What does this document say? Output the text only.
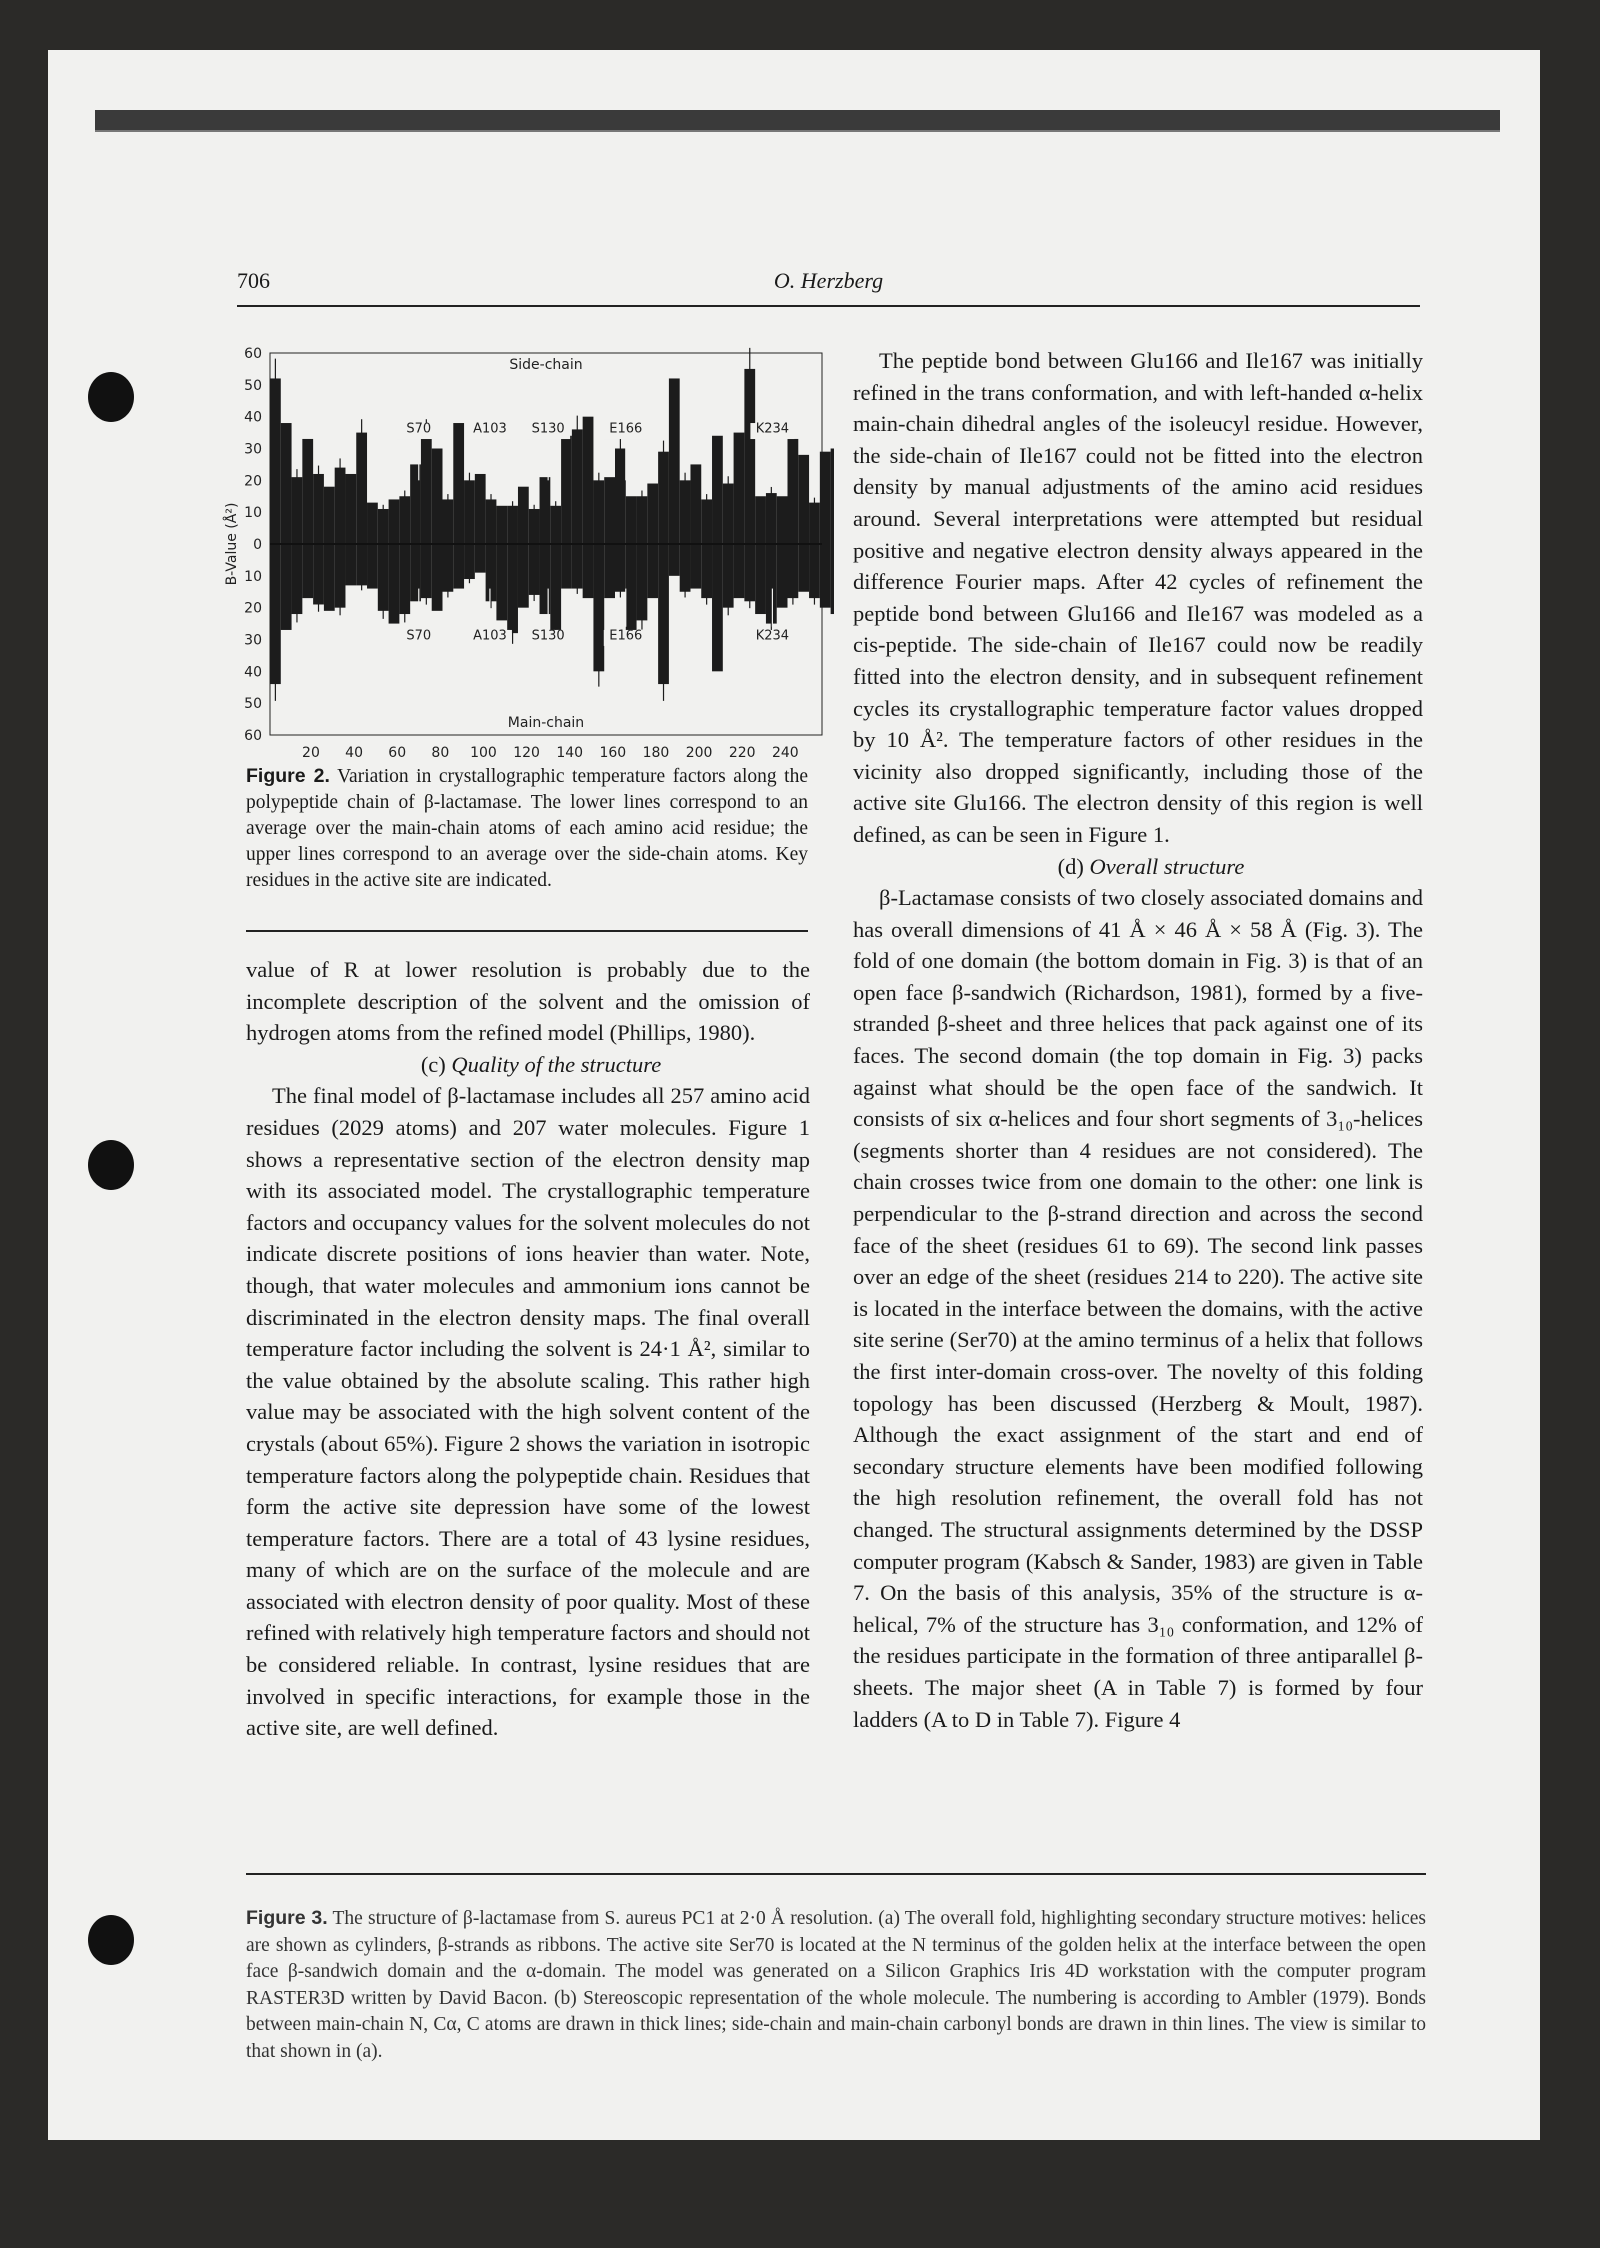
706	O. Herzberg
60
50
40
30
20
10
0
10
20
30
40
50
60
20 40 60 80 100 120 140 160 180 200 220 240
B-Value (Å²)
Side-chain
Main-chain
S70
S70
A103
A103
S130
S130
E166
E166
K234
K234
Figure 2. Variation in crystallographic temperature factors along the polypeptide chain of β-lactamase. The lower lines correspond to an average over the main-chain atoms of each amino acid residue; the upper lines correspond to an average over the side-chain atoms. Key residues in the active site are indicated.

value of R at lower resolution is probably due to the incomplete description of the solvent and the omission of hydrogen atoms from the refined model (Phillips, 1980).

(c) Quality of the structure

The final model of β-lactamase includes all 257 amino acid residues (2029 atoms) and 207 water molecules. Figure 1 shows a representative section of the electron density map with its associated model. The crystallographic temperature factors and occupancy values for the solvent molecules do not indicate discrete positions of ions heavier than water. Note, though, that water molecules and ammonium ions cannot be discriminated in the electron density maps. The final overall temperature factor including the solvent is 24·1 Å², similar to the value obtained by the absolute scaling. This rather high value may be associated with the high solvent content of the crystals (about 65%). Figure 2 shows the variation in isotropic temperature factors along the polypeptide chain. Residues that form the active site depression have some of the lowest temperature factors. There are a total of 43 lysine residues, many of which are on the surface of the molecule and are associated with electron density of poor quality. Most of these refined with relatively high temperature factors and should not be considered reliable. In contrast, lysine residues that are involved in specific interactions, for example those in the active site, are well defined.

The peptide bond between Glu166 and Ile167 was initially refined in the trans conformation, and with left-handed α-helix main-chain dihedral angles of the isoleucyl residue. However, the side-chain of Ile167 could not be fitted into the electron density by manual adjustments of the amino acid residues around. Several interpretations were attempted but residual positive and negative electron density always appeared in the difference Fourier maps. After 42 cycles of refinement the peptide bond between Glu166 and Ile167 was modeled as a cis-peptide. The side-chain of Ile167 could now be readily fitted into the electron density, and in subsequent refinement cycles its crystallographic temperature factor values dropped by 10 Å². The temperature factors of other residues in the vicinity also dropped significantly, including those of the active site Glu166. The electron density of this region is well defined, as can be seen in Figure 1.

(d) Overall structure

β-Lactamase consists of two closely associated domains and has overall dimensions of 41 Å × 46 Å × 58 Å (Fig. 3). The fold of one domain (the bottom domain in Fig. 3) is that of an open face β-sandwich (Richardson, 1981), formed by a five-stranded β-sheet and three helices that pack against one of its faces. The second domain (the top domain in Fig. 3) packs against what should be the open face of the sandwich. It consists of six α-helices and four short segments of 3₁₀-helices (segments shorter than 4 residues are not considered). The chain crosses twice from one domain to the other: one link is perpendicular to the β-strand direction and across the second face of the sheet (residues 61 to 69). The second link passes over an edge of the sheet (residues 214 to 220). The active site is located in the interface between the domains, with the active site serine (Ser70) at the amino terminus of a helix that follows the first inter-domain cross-over. The novelty of this folding topology has been discussed (Herzberg & Moult, 1987). Although the exact assignment of the start and end of secondary structure elements have been modified following the high resolution refinement, the overall fold has not changed. The structural assignments determined by the DSSP computer program (Kabsch & Sander, 1983) are given in Table 7. On the basis of this analysis, 35% of the structure is α-helical, 7% of the structure has 3₁₀ conformation, and 12% of the residues participate in the formation of three antiparallel β-sheets. The major sheet (A in Table 7) is formed by four ladders (A to D in Table 7). Figure 4

Figure 3. The structure of β-lactamase from S. aureus PC1 at 2·0 Å resolution. (a) The overall fold, highlighting secondary structure motives: helices are shown as cylinders, β-strands as ribbons. The active site Ser70 is located at the N terminus of the golden helix at the interface between the open face β-sandwich domain and the α-domain. The model was generated on a Silicon Graphics Iris 4D workstation with the computer program RASTER3D written by David Bacon. (b) Stereoscopic representation of the whole molecule. The numbering is according to Ambler (1979). Bonds between main-chain N, Cα, C atoms are drawn in thick lines; side-chain and main-chain carbonyl bonds are drawn in thin lines. The view is similar to that shown in (a).
